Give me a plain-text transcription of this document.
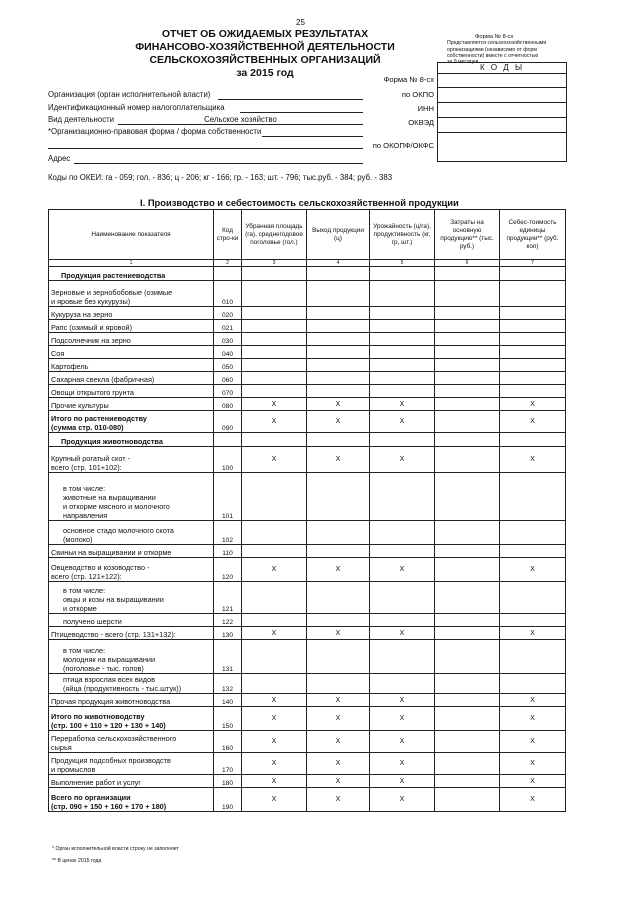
25
ОТЧЕТ ОБ ОЖИДАЕМЫХ РЕЗУЛЬТАТАХ
ФИНАНСОВО-ХОЗЯЙСТВЕННОЙ ДЕЯТЕЛЬНОСТИ
СЕЛЬСКОХОЗЯЙСТВЕННЫХ ОРГАНИЗАЦИЙ
за 2015 год
Форма № 8-сх
Представляется сельскохозяйственными
организациями (независимо от форм
собственности) вместе с отчетностью
за 9 месяцев
К О Д Ы
Форма № 8-сх
по ОКПО
ИНН
ОКВЭД
по ОКОПФ/ОКФС
Организация (орган исполнительной власти)
Идентификационный номер налогоплательщика
Вид деятельности	Сельское хозяйство
*Организационно-правовая форма / форма собственности
Адрес
Коды по ОКЕИ: га - 059; гол. - 836; ц - 206; кг - 166; гр. - 163; шт. - 796; тыс.руб. - 384; руб. - 383
I. Производство и себестоимость сельскохозяйственной продукции
Наименование показателя	Код стро-ки	Убранная площадь (га), среднегодовое поголовье (гол.)	Выход продукции (ц)	Урожайность (ц/га), продуктивность (кг, гр, шт.)	Затраты на основную продукцию** (тыс. руб.)	Себес-тоимость единицы продукции** (руб. коп)
1	2	3	4	5	6	7

Продукция растениеводства						

Зерновые и зернобобовые (озимые
и яровые без кукурузы)	010					

Кукуруза на зерно	020					

Рапс (озимый и яровой)	021					

Подсолнечник на зерно	030					

Соя	040					

Картофель	050					

Сахарная свекла (фабричная)	060					

Овощи открытого грунта	070					

Прочие культуры	080	X	X	X		X

Итого по растениеводству
(сумма стр. 010-080)	090	X	X	X		X

Продукция животноводства						

Крупный рогатый скот -
всего (стр. 101+102):	100	X	X	X		X

в том числе:
животные на выращивании
и откорме мясного и молочного
направления	101					

основное стадо молочного скота
(молоко)	102					

Свиньи на выращивании и откорме	110					

Овцеводство и козоводство -
всего (стр. 121+122):	120	X	X	X		X

в том числе:
овцы и козы на выращивании
и откорме	121					

получено шерсти	122					

Птицеводство - всего (стр. 131+132):	130	X	X	X		X

в том числе:
молодняк на выращивании
(поголовье - тыс. голов)	131					

птица взрослая всех видов
(яйца (продуктивность - тыс.штук))	132					

Прочая продукция животноводства	140	X	X	X		X

Итого по животноводству
(стр. 100 + 110 + 120 + 130 + 140)	150	X	X	X		X

Переработка сельскохозяйственного
сырья	160	X	X	X		X

Продукция подсобных производств
и промыслов	170	X	X	X		X

Выполнение работ и услуг	180	X	X	X		X

Всего по организации
(стр. 090 + 150 + 160 + 170 + 180)	190	X	X	X		X
* Орган исполнительной власти строку не заполняет
** В ценах 2015 года
